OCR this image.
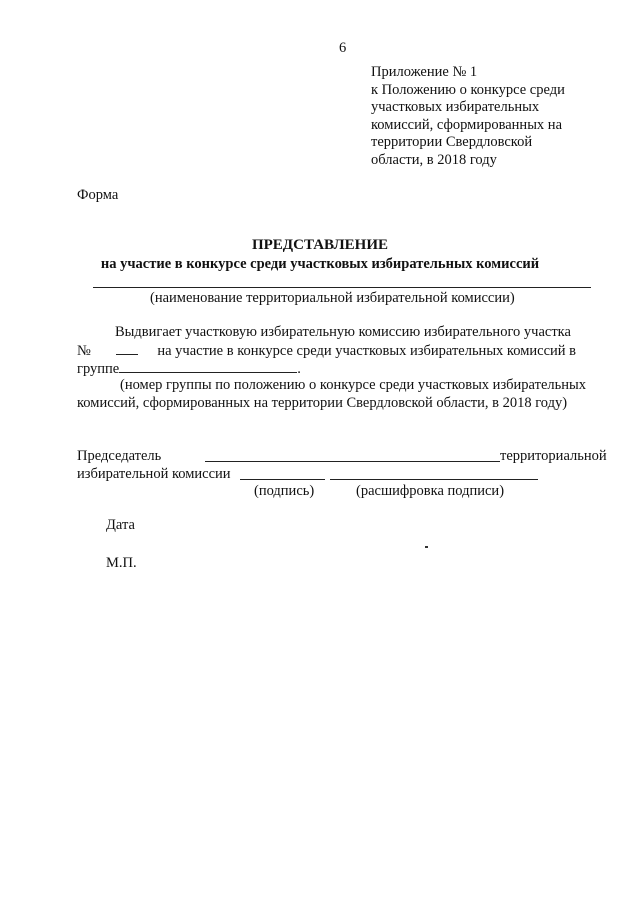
6
Приложение № 1
к Положению о конкурсе среди
участковых избирательных
комиссий, сформированных на
территории Свердловской
области, в 2018 году
Форма
ПРЕДСТАВЛЕНИЕ
на участие в конкурсе среди участковых избирательных комиссий
(наименование территориальной избирательной комиссии)
Выдвигает участковую избирательную комиссию избирательного участка
№	на участие в конкурсе среди участковых избирательных комиссий в
группе	.
(номер группы по положению о конкурсе среди участковых избирательных
комиссий, сформированных на территории Свердловской области, в 2018 году)
Председатель	территориальной
избирательной комиссии
(подпись)	(расшифровка подписи)
Дата
М.П.
